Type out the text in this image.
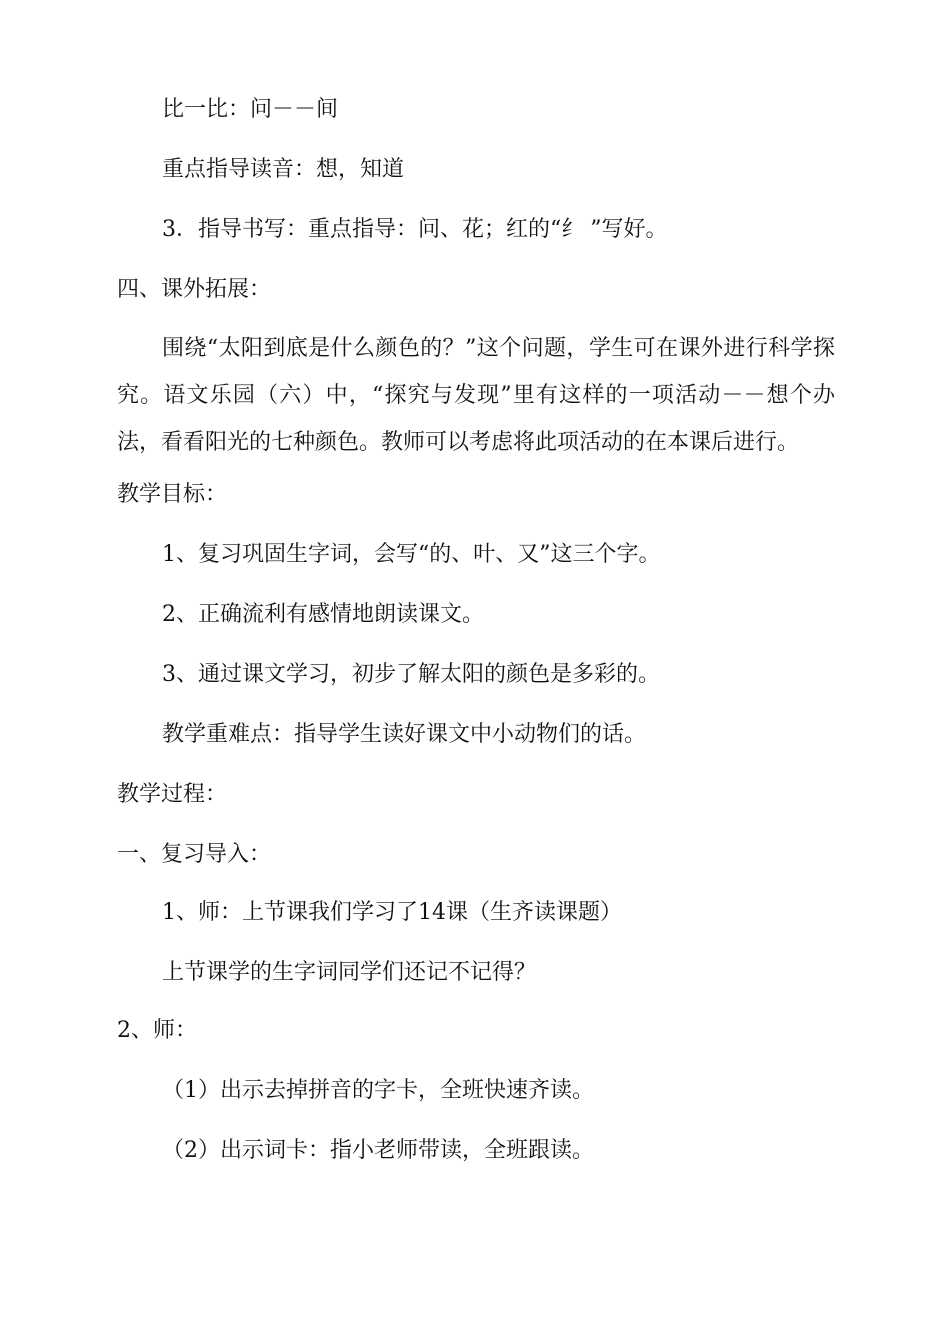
比一比：问－－间

重点指导读音：想，知道

3．指导书写：重点指导：问、花；红的“纟 ”写好。

四、课外拓展：

围绕“太阳到底是什么颜色的？”这个问题，学生可在课外进行科学探究。语文乐园（六）中，“探究与发现”里有这样的一项活动－－想个办法，看看阳光的七种颜色。教师可以考虑将此项活动的在本课后进行。

教学目标：

1、复习巩固生字词，会写“的、叶、又”这三个字。

2、正确流利有感情地朗读课文。

3、通过课文学习，初步了解太阳的颜色是多彩的。

教学重难点：指导学生读好课文中小动物们的话。

教学过程：

一、复习导入：

1、师：上节课我们学习了14课（生齐读课题）

上节课学的生字词同学们还记不记得？

2、师：

（1）出示去掉拼音的字卡，全班快速齐读。

（2）出示词卡：指小老师带读，全班跟读。
